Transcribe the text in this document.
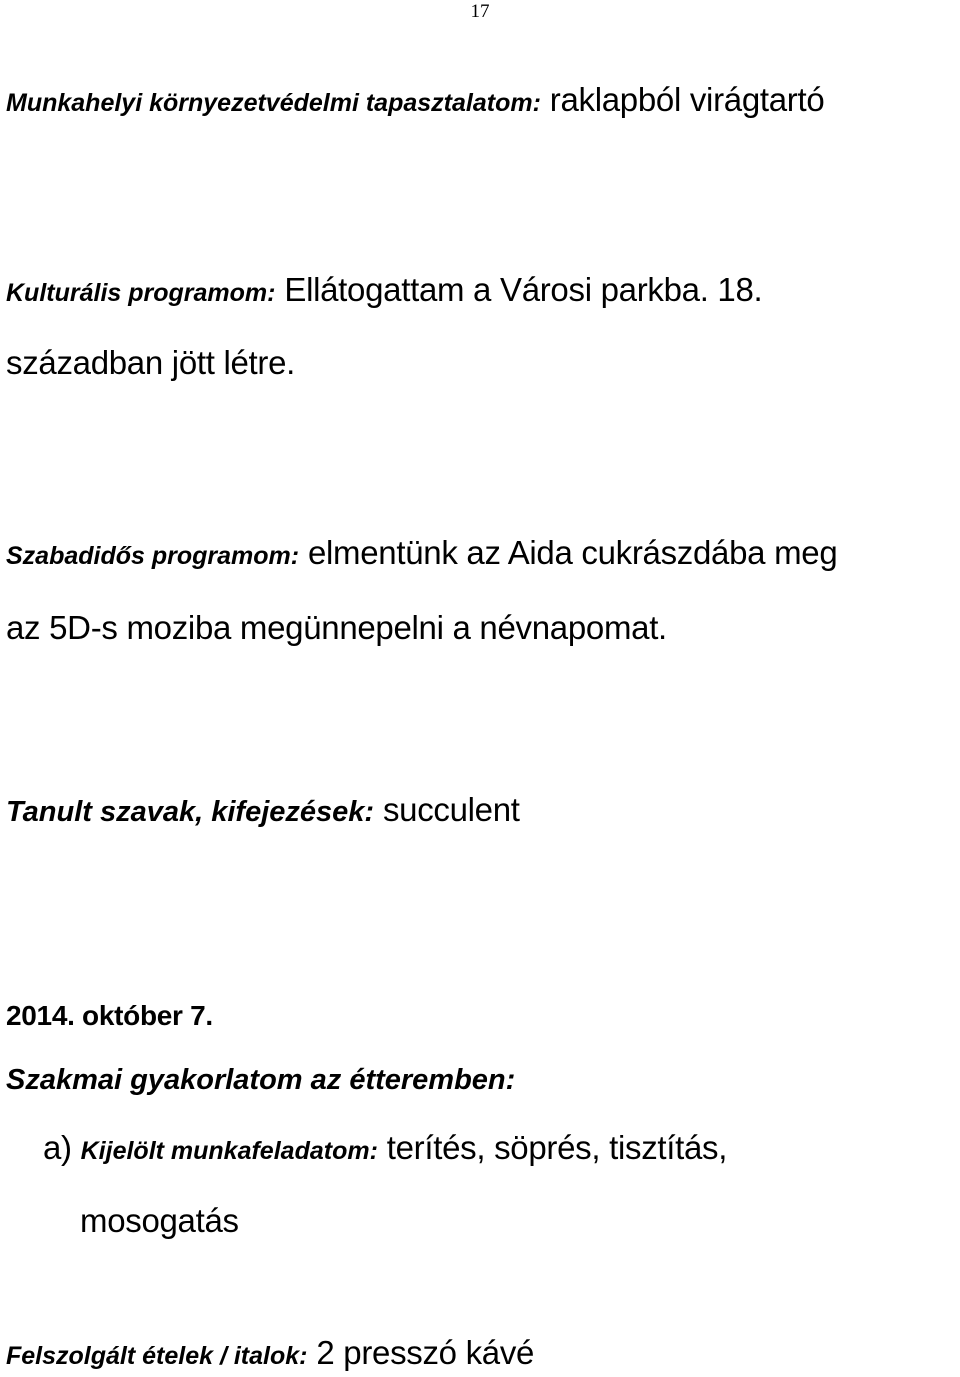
17
Munkahelyi környezetvédelmi tapasztalatom: raklapból virágtartó
Kulturális programom: Ellátogattam a Városi parkba. 18.
században jött létre.
Szabadidős programom: elmentünk az Aida cukrászdába meg
az 5D-s moziba megünnepelni a névnapomat.
Tanult szavak, kifejezések: succulent
2014. október 7.
Szakmai gyakorlatom az étteremben:
a) Kijelölt munkafeladatom: terítés, söprés, tisztítás,
mosogatás
Felszolgált ételek / italok: 2 presszó kávé
